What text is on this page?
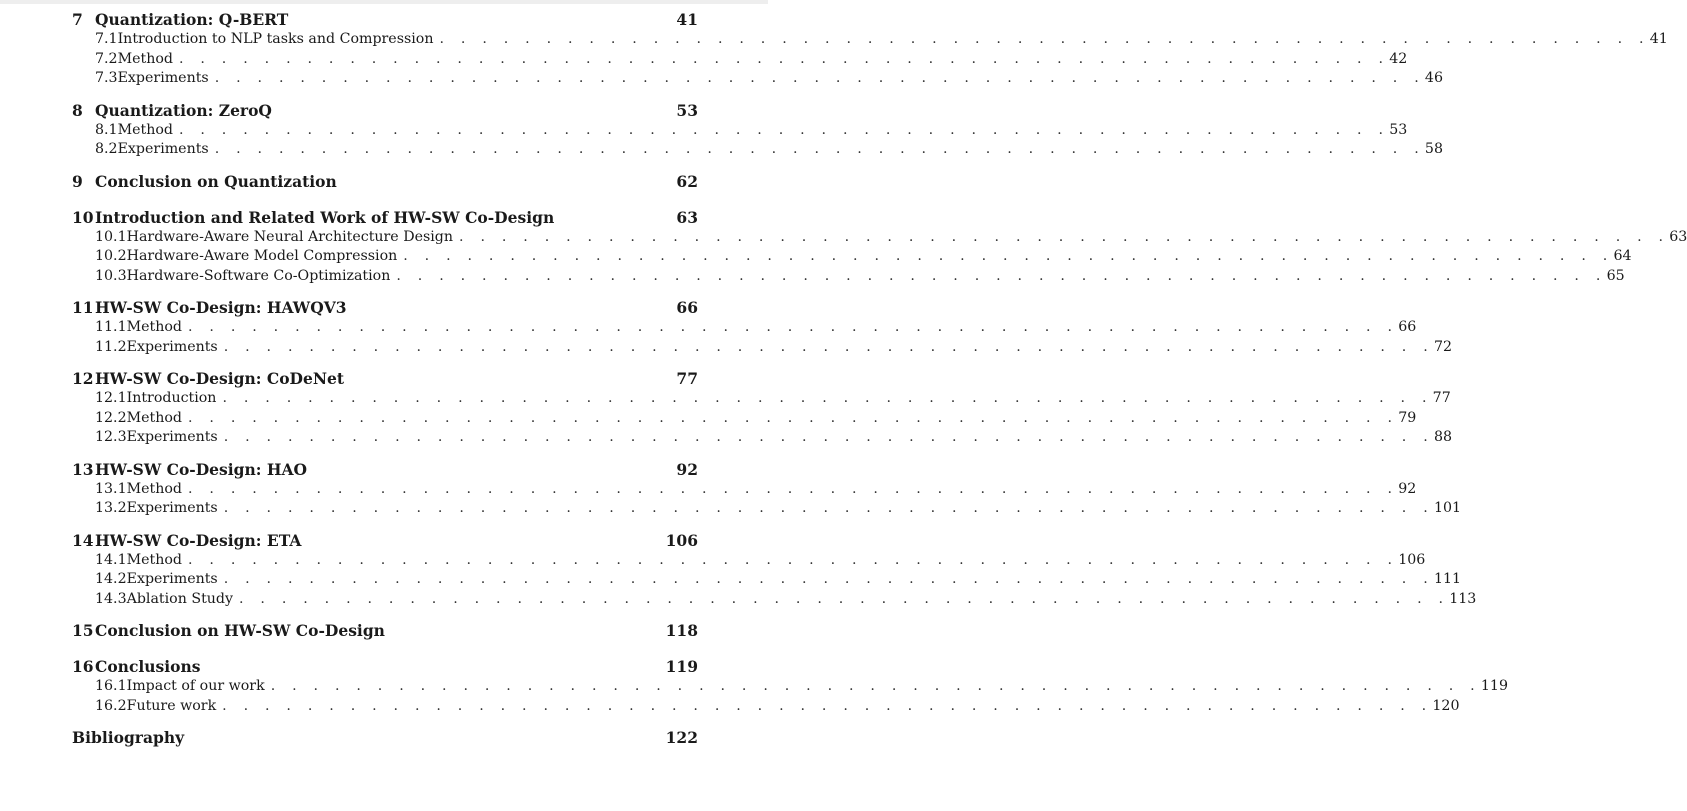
7 Quantization: Q-BERT	41
7.1 Introduction to NLP tasks and Compression . . . . . . . . . . . . . . . . . . . . . . . . . . . . . . . . . . . . . . . . . . . . . . . . . . . . . . . . . 41
7.2 Method . . . . . . . . . . . . . . . . . . . . . . . . . . . . . . . . . . . . . . . . . . . . . . . . . . . . . . . . . 42
7.3 Experiments . . . . . . . . . . . . . . . . . . . . . . . . . . . . . . . . . . . . . . . . . . . . . . . . . . . . . . . . . 46
8 Quantization: ZeroQ	53
8.1 Method . . . . . . . . . . . . . . . . . . . . . . . . . . . . . . . . . . . . . . . . . . . . . . . . . . . . . . . . . 53
8.2 Experiments . . . . . . . . . . . . . . . . . . . . . . . . . . . . . . . . . . . . . . . . . . . . . . . . . . . . . . . . . 58
9 Conclusion on Quantization	62
10 Introduction and Related Work of HW-SW Co-Design	63
10.1 Hardware-Aware Neural Architecture Design . . . . . . . . . . . . . . . . . . . . . . . . . . . . . . . . . . . . . . . . . . . . . . . . . . . . . . . . . 63
10.2 Hardware-Aware Model Compression . . . . . . . . . . . . . . . . . . . . . . . . . . . . . . . . . . . . . . . . . . . . . . . . . . . . . . . . . 64
10.3 Hardware-Software Co-Optimization . . . . . . . . . . . . . . . . . . . . . . . . . . . . . . . . . . . . . . . . . . . . . . . . . . . . . . . . . 65
11 HW-SW Co-Design: HAWQV3	66
11.1 Method . . . . . . . . . . . . . . . . . . . . . . . . . . . . . . . . . . . . . . . . . . . . . . . . . . . . . . . . . 66
11.2 Experiments . . . . . . . . . . . . . . . . . . . . . . . . . . . . . . . . . . . . . . . . . . . . . . . . . . . . . . . . . 72
12 HW-SW Co-Design: CoDeNet	77
12.1 Introduction . . . . . . . . . . . . . . . . . . . . . . . . . . . . . . . . . . . . . . . . . . . . . . . . . . . . . . . . . 77
12.2 Method . . . . . . . . . . . . . . . . . . . . . . . . . . . . . . . . . . . . . . . . . . . . . . . . . . . . . . . . . 79
12.3 Experiments . . . . . . . . . . . . . . . . . . . . . . . . . . . . . . . . . . . . . . . . . . . . . . . . . . . . . . . . . 88
13 HW-SW Co-Design: HAO	92
13.1 Method . . . . . . . . . . . . . . . . . . . . . . . . . . . . . . . . . . . . . . . . . . . . . . . . . . . . . . . . . 92
13.2 Experiments . . . . . . . . . . . . . . . . . . . . . . . . . . . . . . . . . . . . . . . . . . . . . . . . . . . . . . . . . 101
14 HW-SW Co-Design: ETA	106
14.1 Method . . . . . . . . . . . . . . . . . . . . . . . . . . . . . . . . . . . . . . . . . . . . . . . . . . . . . . . . . 106
14.2 Experiments . . . . . . . . . . . . . . . . . . . . . . . . . . . . . . . . . . . . . . . . . . . . . . . . . . . . . . . . . 111
14.3 Ablation Study . . . . . . . . . . . . . . . . . . . . . . . . . . . . . . . . . . . . . . . . . . . . . . . . . . . . . . . . . 113
15 Conclusion on HW-SW Co-Design	118
16 Conclusions	119
16.1 Impact of our work . . . . . . . . . . . . . . . . . . . . . . . . . . . . . . . . . . . . . . . . . . . . . . . . . . . . . . . . . 119
16.2 Future work . . . . . . . . . . . . . . . . . . . . . . . . . . . . . . . . . . . . . . . . . . . . . . . . . . . . . . . . . 120
Bibliography	122
